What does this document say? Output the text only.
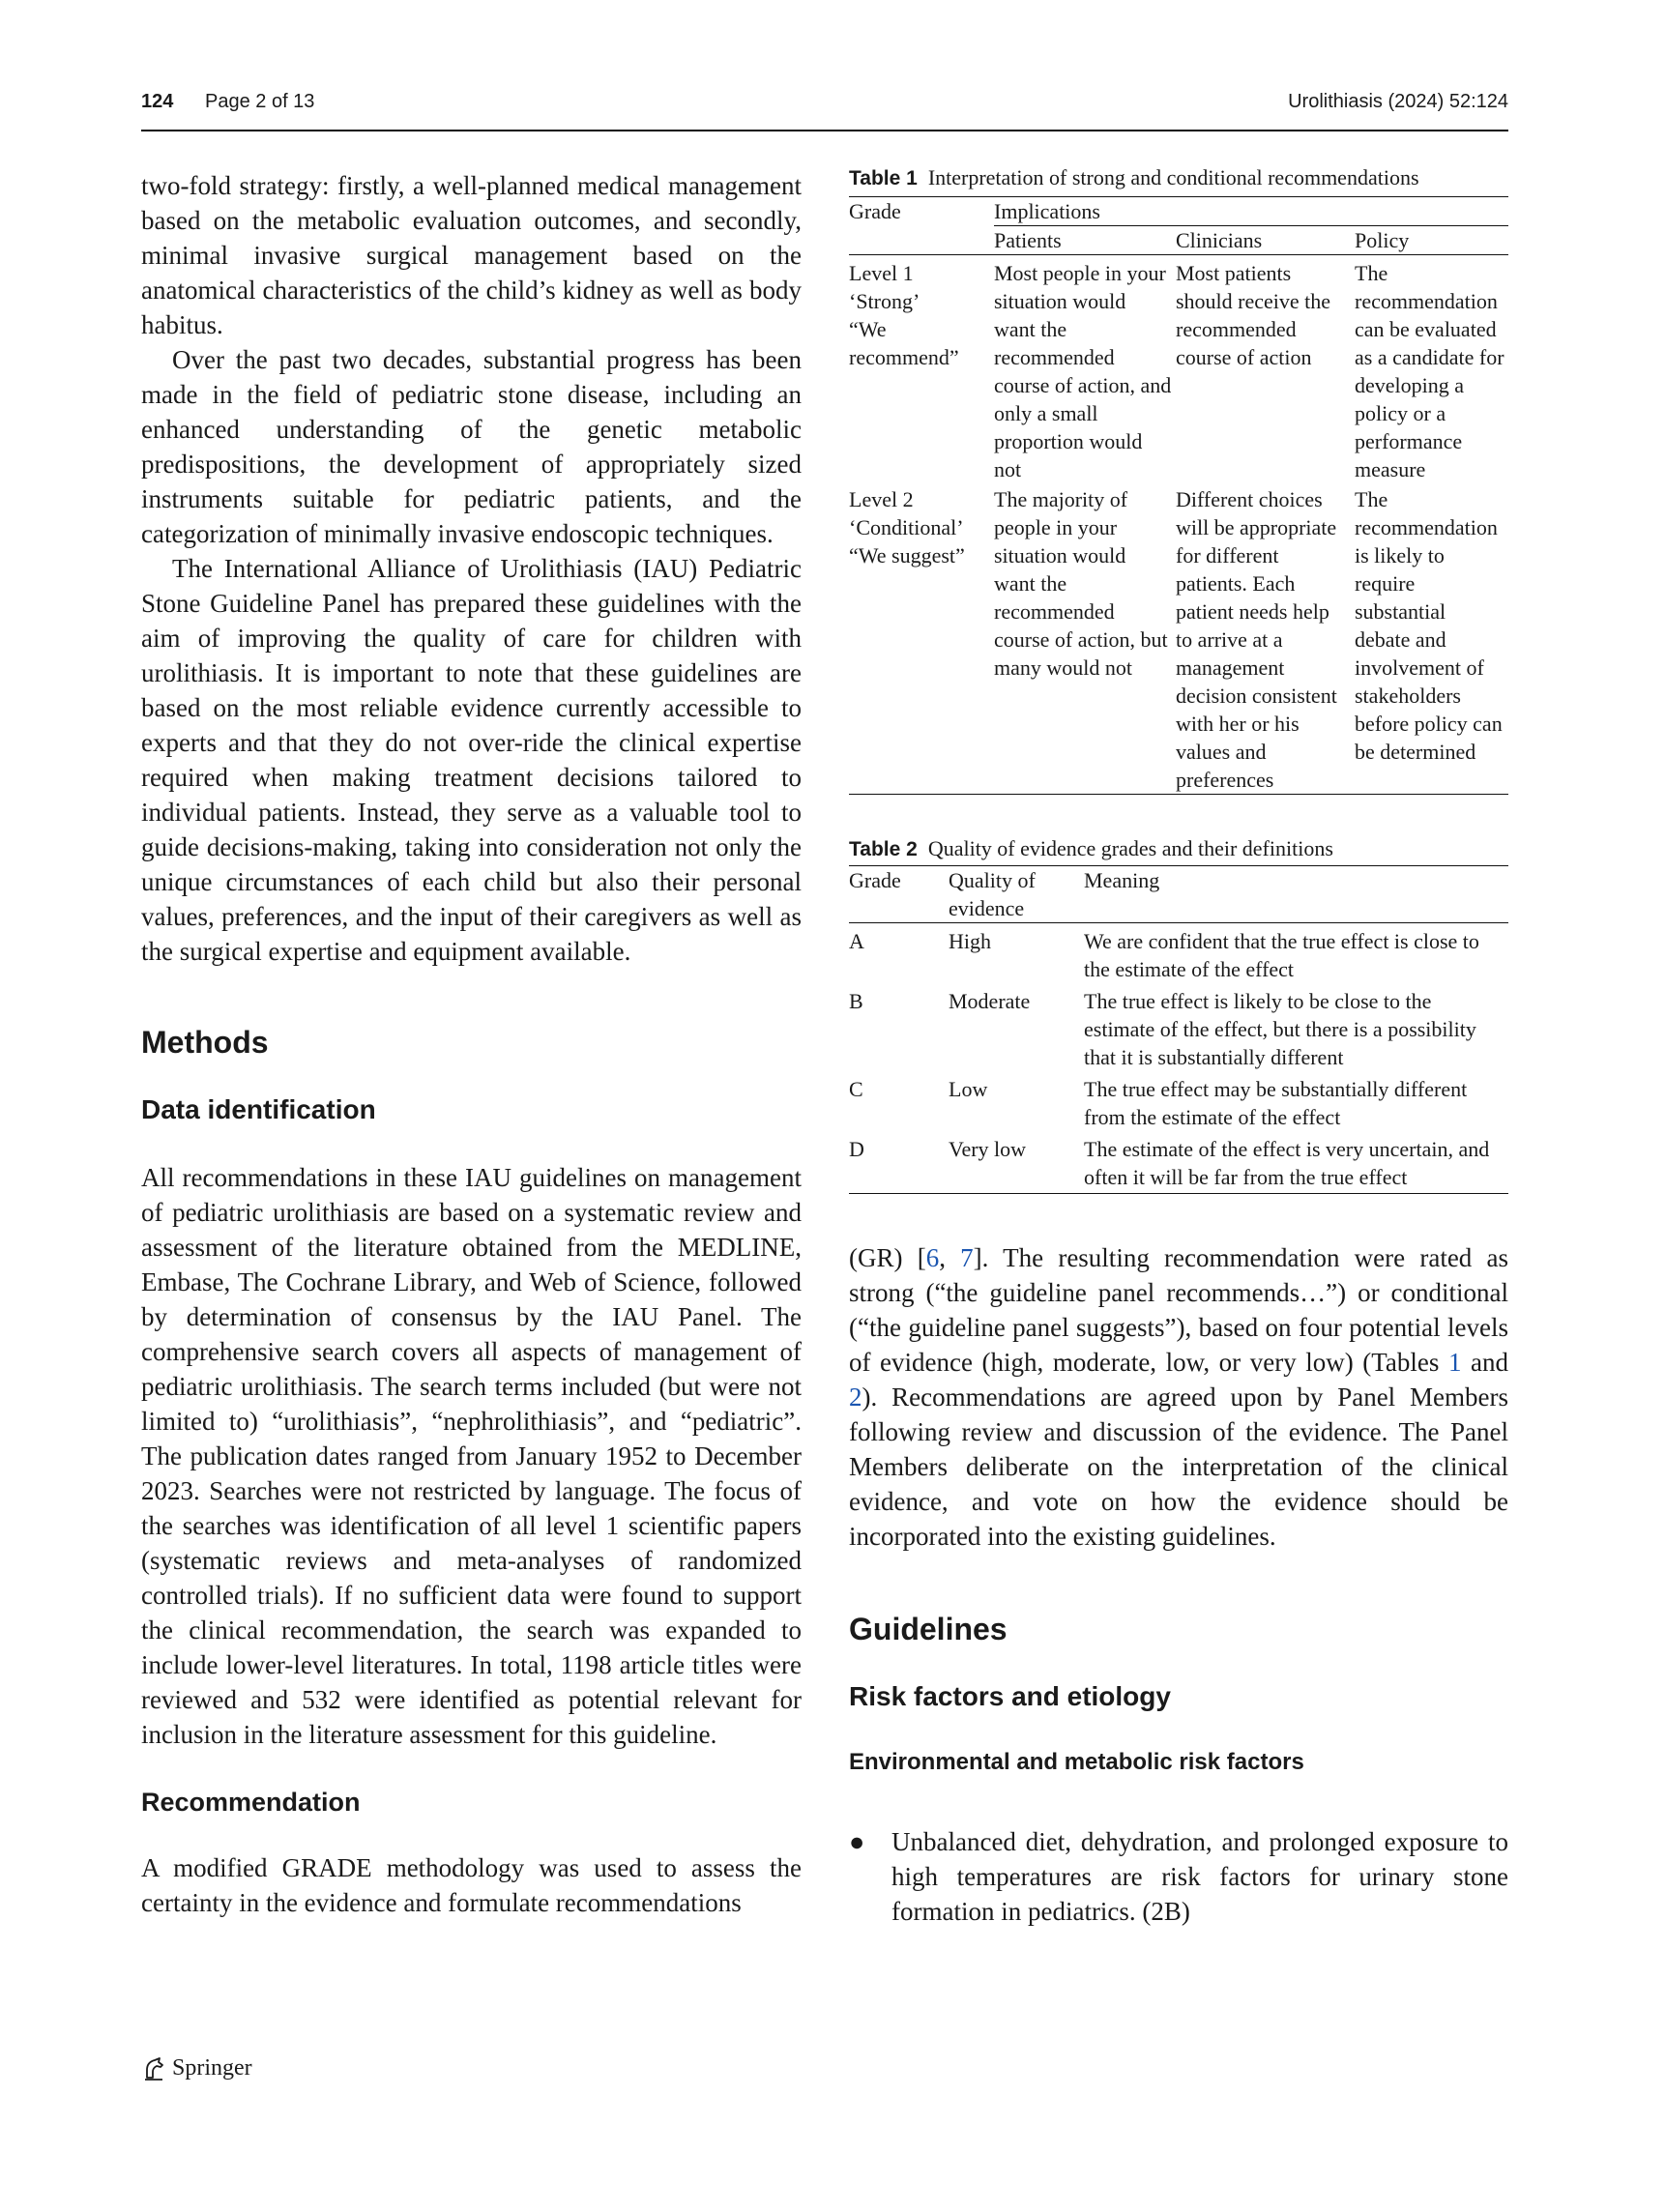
124 Page 2 of 13	Urolithiasis (2024) 52:124

two-fold strategy: firstly, a well-planned medical management based on the metabolic evaluation outcomes, and secondly, minimal invasive surgical management based on the anatomical characteristics of the child’s kidney as well as body habitus.

Over the past two decades, substantial progress has been made in the field of pediatric stone disease, including an enhanced understanding of the genetic metabolic predispositions, the development of appropriately sized instruments suitable for pediatric patients, and the categorization of minimally invasive endoscopic techniques.

The International Alliance of Urolithiasis (IAU) Pediatric Stone Guideline Panel has prepared these guidelines with the aim of improving the quality of care for children with urolithiasis. It is important to note that these guidelines are based on the most reliable evidence currently accessible to experts and that they do not over-ride the clinical expertise required when making treatment decisions tailored to individual patients. Instead, they serve as a valuable tool to guide decisions-making, taking into consideration not only the unique circumstances of each child but also their personal values, preferences, and the input of their caregivers as well as the surgical expertise and equipment available.

Methods
Data identification

All recommendations in these IAU guidelines on management of pediatric urolithiasis are based on a systematic review and assessment of the literature obtained from the MEDLINE, Embase, The Cochrane Library, and Web of Science, followed by determination of consensus by the IAU Panel. The comprehensive search covers all aspects of management of pediatric urolithiasis. The search terms included (but were not limited to) “urolithiasis”, “nephrolithiasis”, and “pediatric”. The publication dates ranged from January 1952 to December 2023. Searches were not restricted by language. The focus of the searches was identification of all level 1 scientific papers (systematic reviews and meta-analyses of randomized controlled trials). If no sufficient data were found to support the clinical recommendation, the search was expanded to include lower-level literatures. In total, 1198 article titles were reviewed and 532 were identified as potential relevant for inclusion in the literature assessment for this guideline.

Recommendation

A modified GRADE methodology was used to assess the certainty in the evidence and formulate recommendations

Table 1 Interpretation of strong and conditional recommendations

Grade	Implications		
	Patients	Clinicians	Policy
Level 1
‘Strong’
“We
recommend”	Most people in your situation would want the recommended course of action, and only a small proportion would not	Most patients should receive the recommended course of action	The recommendation can be evaluated as a candidate for developing a policy or a performance measure
Level 2
‘Conditional’
“We suggest”	The majority of people in your situation would want the recommended course of action, but many would not	Different choices will be appropriate for different patients. Each patient needs help to arrive at a management decision consistent with her or his values and preferences	The recommendation is likely to require substantial debate and involvement of stakeholders before policy can be determined

Table 2 Quality of evidence grades and their definitions

Grade	Quality of evidence	Meaning
A	High	We are confident that the true effect is close to the estimate of the effect
B	Moderate	The true effect is likely to be close to the estimate of the effect, but there is a possibility that it is substantially different
C	Low	The true effect may be substantially different from the estimate of the effect
D	Very low	The estimate of the effect is very uncertain, and often it will be far from the true effect

(GR) [6, 7]. The resulting recommendation were rated as strong (“the guideline panel recommends…”) or conditional (“the guideline panel suggests”), based on four potential levels of evidence (high, moderate, low, or very low) (Tables 1 and 2). Recommendations are agreed upon by Panel Members following review and discussion of the evidence. The Panel Members deliberate on the interpretation of the clinical evidence, and vote on how the evidence should be incorporated into the existing guidelines.

Guidelines
Risk factors and etiology
Environmental and metabolic risk factors
●	Unbalanced diet, dehydration, and prolonged exposure to high temperatures are risk factors for urinary stone formation in pediatrics. (2B)
Springer
